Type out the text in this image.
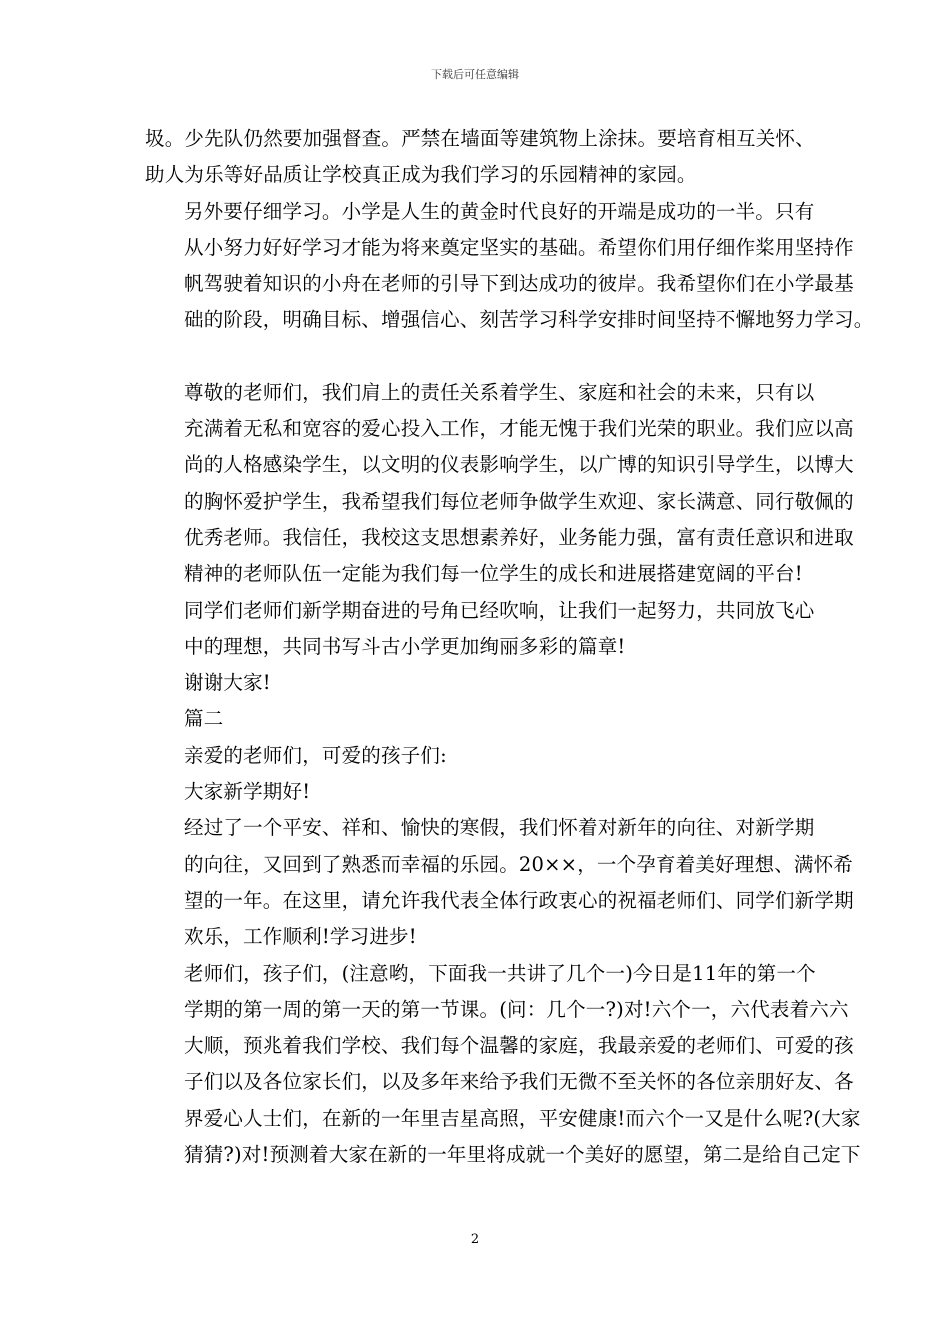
下载后可任意编辑

圾。少先队仍然要加强督查。严禁在墙面等建筑物上涂抹。要培育相互关怀、
助人为乐等好品质让学校真正成为我们学习的乐园精神的家园。

另外要仔细学习。小学是人生的黄金时代良好的开端是成功的一半。只有
从小努力好好学习才能为将来奠定坚实的基础。希望你们用仔细作桨用坚持作
帆驾驶着知识的小舟在老师的引导下到达成功的彼岸。我希望你们在小学最基
础的阶段，明确目标、增强信心、刻苦学习科学安排时间坚持不懈地努力学习。

尊敬的老师们，我们肩上的责任关系着学生、家庭和社会的未来，只有以
充满着无私和宽容的爱心投入工作，才能无愧于我们光荣的职业。我们应以高
尚的人格感染学生，以文明的仪表影响学生，以广博的知识引导学生，以博大
的胸怀爱护学生，我希望我们每位老师争做学生欢迎、家长满意、同行敬佩的
优秀老师。我信任，我校这支思想素养好，业务能力强，富有责任意识和进取
精神的老师队伍一定能为我们每一位学生的成长和进展搭建宽阔的平台!

同学们老师们新学期奋进的号角已经吹响，让我们一起努力，共同放飞心
中的理想，共同书写斗古小学更加绚丽多彩的篇章!

谢谢大家!

篇二

亲爱的老师们，可爱的孩子们:

大家新学期好!

经过了一个平安、祥和、愉快的寒假，我们怀着对新年的向往、对新学期
的向往，又回到了熟悉而幸福的乐园。20××，一个孕育着美好理想、满怀希
望的一年。在这里，请允许我代表全体行政衷心的祝福老师们、同学们新学期
欢乐，工作顺利!学习进步!

老师们，孩子们，(注意哟，下面我一共讲了几个一)今日是11年的第一个
学期的第一周的第一天的第一节课。(问：几个一?)对!六个一，六代表着六六
大顺，预兆着我们学校、我们每个温馨的家庭，我最亲爱的老师们、可爱的孩
子们以及各位家长们，以及多年来给予我们无微不至关怀的各位亲朋好友、各
界爱心人士们，在新的一年里吉星高照，平安健康!而六个一又是什么呢?(大家
猜猜?)对!预测着大家在新的一年里将成就一个美好的愿望，第二是给自己定下

2
